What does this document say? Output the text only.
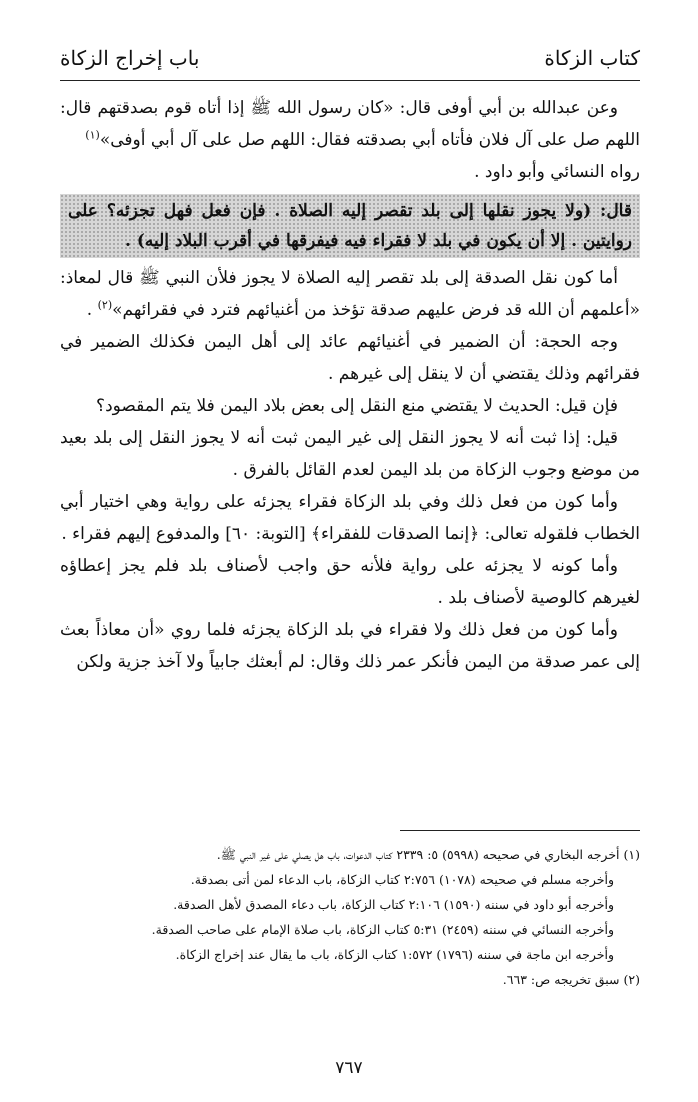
كتاب الزكاة
باب إخراج الزكاة

وعن عبدالله بن أبي أوفى قال: «كان رسول الله ﷺ إذا أتاه قوم بصدقتهم قال: اللهم صل على آل فلان فأتاه أبي بصدقته فقال: اللهم صل على آل أبي أوفى»$^{(١)}$

رواه النسائي وأبو داود .

قال: (ولا يجوز نقلها إلى بلد تقصر إليه الصلاة . فإن فعل فهل تجزئه؟ على روايتين . إلا أن يكون في بلد لا فقراء فيه فيفرقها في أقرب البلاد إليه) .

أما كون نقل الصدقة إلى بلد تقصر إليه الصلاة لا يجوز فلأن النبي ﷺ قال لمعاذ: «أعلمهم أن الله قد فرض عليهم صدقة تؤخذ من أغنيائهم فترد في فقرائهم»$^{(٢)}$ .

وجه الحجة: أن الضمير في أغنيائهم عائد إلى أهل اليمن فكذلك الضمير في فقرائهم وذلك يقتضي أن لا ينقل إلى غيرهم .

فإن قيل: الحديث لا يقتضي منع النقل إلى بعض بلاد اليمن فلا يتم المقصود؟

قيل: إذا ثبت أنه لا يجوز النقل إلى غير اليمن ثبت أنه لا يجوز النقل إلى بلد بعيد من موضع وجوب الزكاة من بلد اليمن لعدم القائل بالفرق .

وأما كون من فعل ذلك وفي بلد الزكاة فقراء يجزئه على رواية وهي اختيار أبي الخطاب فلقوله تعالى: ﴿إنما الصدقات للفقراء﴾ [التوبة: ٦٠] والمدفوع إليهم فقراء .

وأما كونه لا يجزئه على رواية فلأنه حق واجب لأصناف بلد فلم يجز إعطاؤه لغيرهم كالوصية لأصناف بلد .

وأما كون من فعل ذلك ولا فقراء في بلد الزكاة يجزئه فلما روي «أن معاذاً بعث إلى عمر صدقة من اليمن فأنكر عمر ذلك وقال: لم أبعثك جابياً ولا آخذ جزية ولكن

(١) أخرجه البخاري في صحيحه (٥٩٩٨) ٥: ٢٣٣٩ كتاب الدعوات، باب هل يصلي على غير النبي ﷺ.

وأخرجه مسلم في صحيحه (١٠٧٨) ٢:٧٥٦ كتاب الزكاة، باب الدعاء لمن أتى بصدقة.

وأخرجه أبو داود في سننه (١٥٩٠) ٢:١٠٦ كتاب الزكاة، باب دعاء المصدق لأهل الصدقة.

وأخرجه النسائي في سننه (٢٤٥٩) ٥:٣١ كتاب الزكاة، باب صلاة الإمام على صاحب الصدقة.

وأخرجه ابن ماجة في سننه (١٧٩٦) ١:٥٧٢ كتاب الزكاة، باب ما يقال عند إخراج الزكاة.

(٢) سبق تخريجه ص: ٦٦٣.

٧٦٧
